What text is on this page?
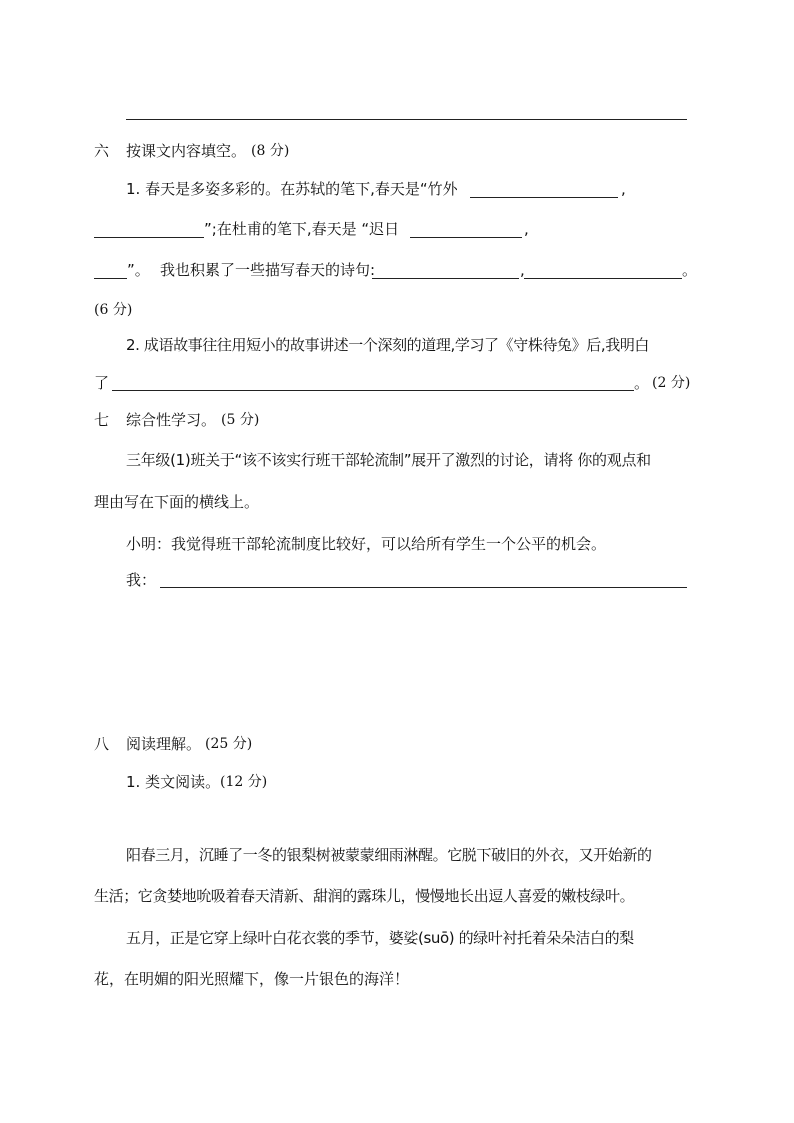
六 按课文内容填空。 (8 分)
1. 春天是多姿多彩的。在苏轼的笔下,春天是“竹外	,
”;在杜甫的笔下,春天是 “迟日	,
”。 我也积累了一些描写春天的诗句:	,	。
(6 分)
2. 成语故事往往用短小的故事讲述一个深刻的道理,学习了《守株待兔》后,我明白
了	。 (2 分)
七 综合性学习。 (5 分)
三年级(1)班关于“该不该实行班干部轮流制”展开了激烈的讨论，请将 你的观点和
理由写在下面的横线上。
小明：我觉得班干部轮流制度比较好，可以给所有学生一个公平的机会。
我：
八 阅读理解。 (25 分)
1. 类文阅读。 (12 分)
阳春三月，沉睡了一冬的银梨树被蒙蒙细雨淋醒。它脱下破旧的外衣，又开始新的
生活；它贪婪地吮吸着春天清新、甜润的露珠儿，慢慢地长出逗人喜爱的嫩枝绿叶。
五月，正是它穿上绿叶白花衣裳的季节，婆娑(suō) 的绿叶衬托着朵朵洁白的梨
花，在明媚的阳光照耀下，像一片银色的海洋！
